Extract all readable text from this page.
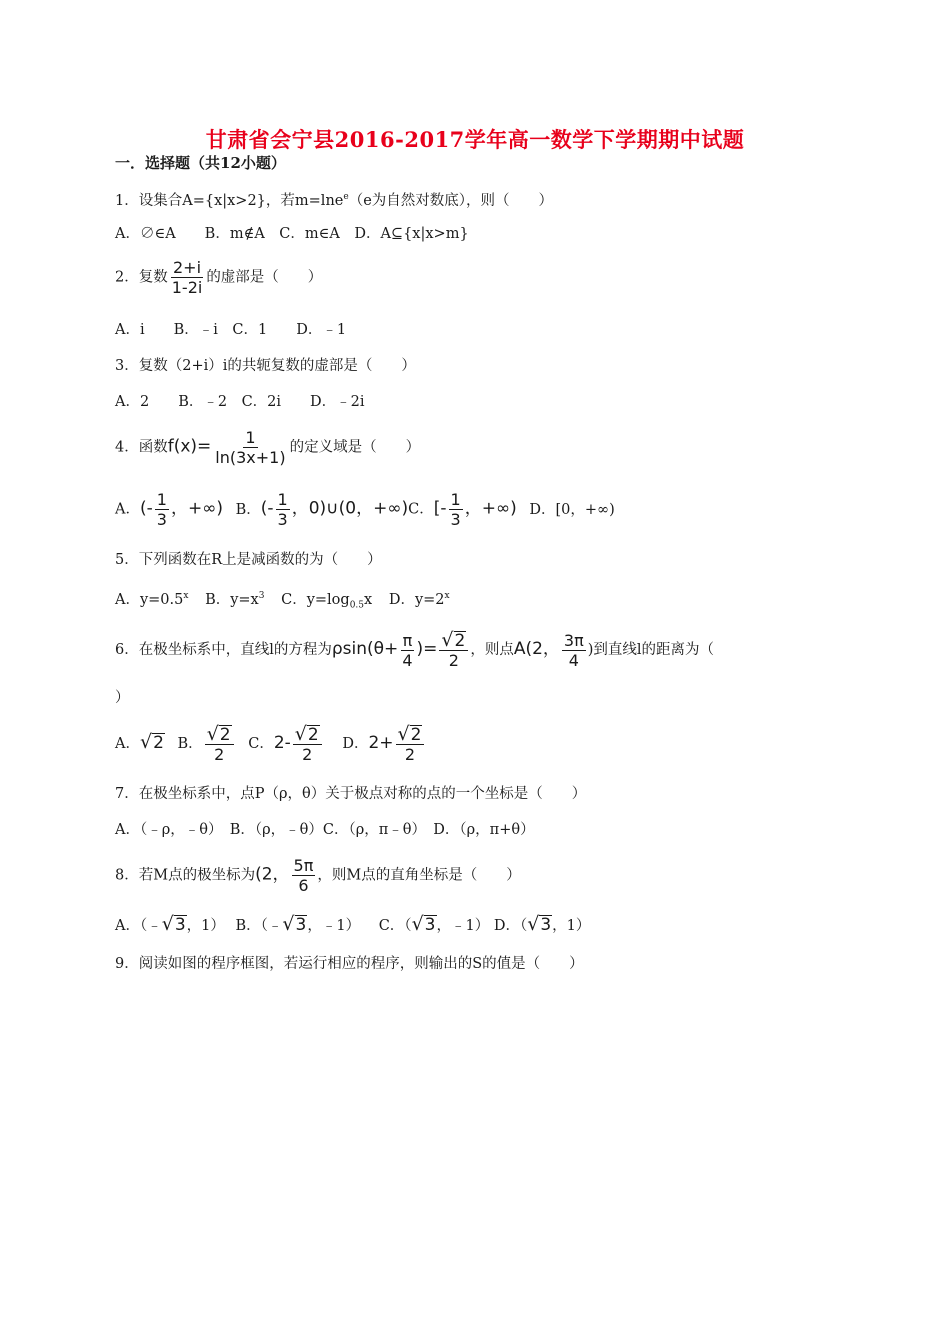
甘肃省会宁县2016-2017学年高一数学下学期期中试题
一．选择题（共12小题）
1．设集合A={x|x>2}，若m=lne$^e$（e为自然对数底），则（　　）
A．∅∈A　　B．m∉A　C．m∈A　D．A⊆{x|x>m}
2．复数 $\frac{2+i}{1-2i}$ 的虚部是（　　）
A．i　　B．﹣i　C．1　　D．﹣1
3．复数（2+i）i的共轭复数的虚部是（　　）
A．2　　B．﹣2　C．2i　　D．﹣2i
4．函数$f(x)= \frac{1}{\ln(3x+1)}$ 的定义域是（　　）
A．(- $\frac{1}{3}$ ，+∞) B．(- $\frac{1}{3}$ ，0)∪(0，+∞)C．[- $\frac{1}{3}$ ，+∞) D．[0，+∞)
5．下列函数在R上是减函数的为（　　）
A．$y=0.5^x$ B．$y=x^3$ C．$y=\log_{0.5}x$ D．$y=2^x$
6．在极坐标系中，直线l的方程为$\rho\sin(\theta+ \frac{\pi}{4}$ )= $\frac{√ 2}{2}$ ，则点A(2， $\frac{3\pi}{4}$ )到直线l的距离为（
）
A． √ 2 B． $\frac{√ 2}{2}$ C．$2- \frac{√ 2}{2}$ D．$2+ \frac{√ 2}{2}$
7．在极坐标系中，点P（ρ，θ）关于极点对称的点的一个坐标是（　　）
A．（﹣ρ，﹣θ）　B．（ρ，﹣θ）C．（ρ，π﹣θ）　D．（ρ，π+θ）
8．若M点的极坐标为(2， $\frac{5\pi}{6}$ ，则M点的直角坐标是（　　）
A．（﹣ √ 3 ，1） B．（﹣ √ 3 ，﹣1） C．（ √ 3 ，﹣1） D．（ √ 3 ，1）
9．阅读如图的程序框图，若运行相应的程序，则输出的S的值是（　　）
